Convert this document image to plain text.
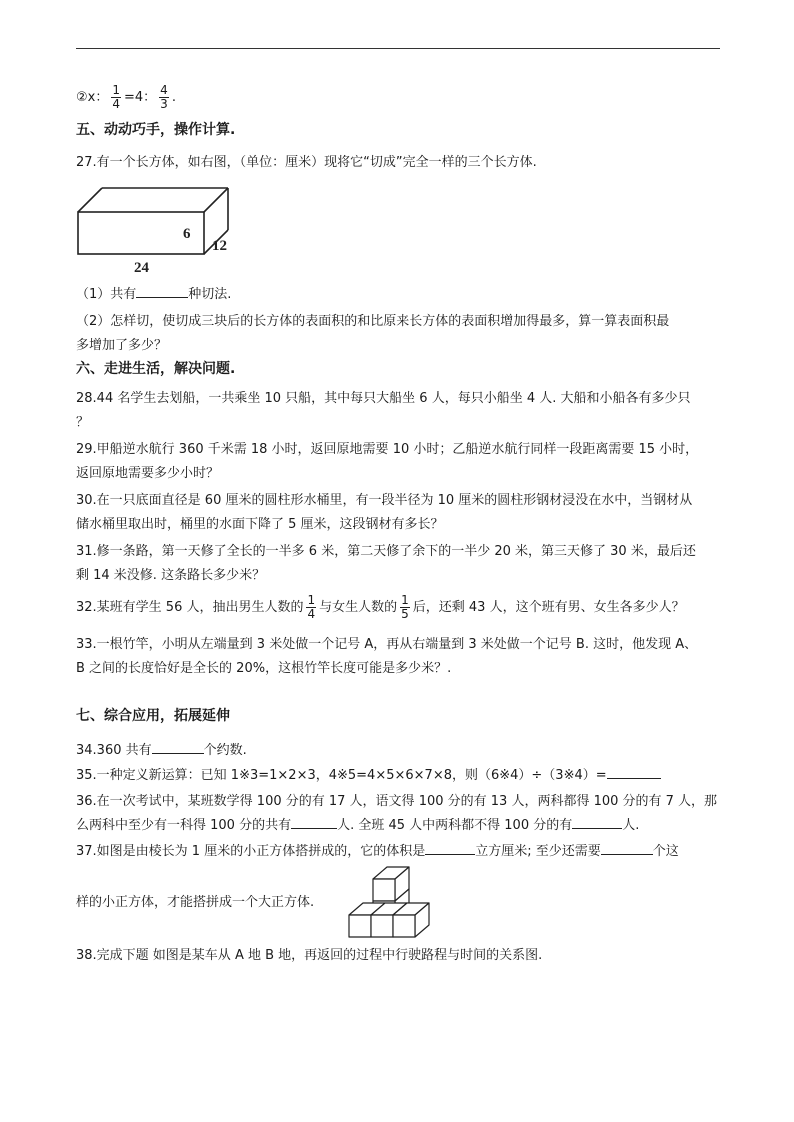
②x： $\frac{1}{4} =4$： $\frac{4}{3}$ .
五、动动巧手，操作计算.
27.有一个长方体，如右图，（单位：厘米）现将它“切成”完全一样的三个长方体.
6
12
24
（1）共有	种切法.
（2）怎样切，使切成三块后的长方体的表面积的和比原来长方体的表面积增加得最多，算一算表面积最
多增加了多少？
六、走进生活，解决问题.
28.44 名学生去划船，一共乘坐 10 只船，其中每只大船坐 6 人，每只小船坐 4 人. 大船和小船各有多少只
？
29.甲船逆水航行 360 千米需 18 小时，返回原地需要 10 小时；乙船逆水航行同样一段距离需要 15 小时，
返回原地需要多少小时？
30.在一只底面直径是 60 厘米的圆柱形水桶里，有一段半径为 10 厘米的圆柱形钢材浸没在水中，当钢材从
储水桶里取出时，桶里的水面下降了 5 厘米，这段钢材有多长？
31.修一条路，第一天修了全长的一半多 6 米，第二天修了余下的一半少 20 米，第三天修了 30 米，最后还
剩 14 米没修. 这条路长多少米？
32.某班有学生 56 人，抽出男生人数的 $\frac{1}{4}$ 与女生人数的 $\frac{1}{5}$ 后，还剩 43 人，这个班有男、女生各多少人？
33.一根竹竿，小明从左端量到 3 米处做一个记号 A，再从右端量到 3 米处做一个记号 B. 这时，他发现 A、
B 之间的长度恰好是全长的 20%，这根竹竿长度可能是多少米？.
七、综合应用，拓展延伸
34.360 共有	个约数.
35.一种定义新运算：已知 1※3=1×2×3，4※5=4×5×6×7×8，则（6※4）÷（3※4）=
36.在一次考试中，某班数学得 100 分的有 17 人，语文得 100 分的有 13 人，两科都得 100 分的有 7 人，那
么两科中至少有一科得 100 分的共有	人. 全班 45 人中两科都不得 100 分的有	人.
37.如图是由棱长为 1 厘米的小正方体搭拼成的，它的体积是	立方厘米; 至少还需要	个这
样的小正方体，才能搭拼成一个大正方体.
38.完成下题 如图是某车从 A 地 B 地，再返回的过程中行驶路程与时间的关系图.
